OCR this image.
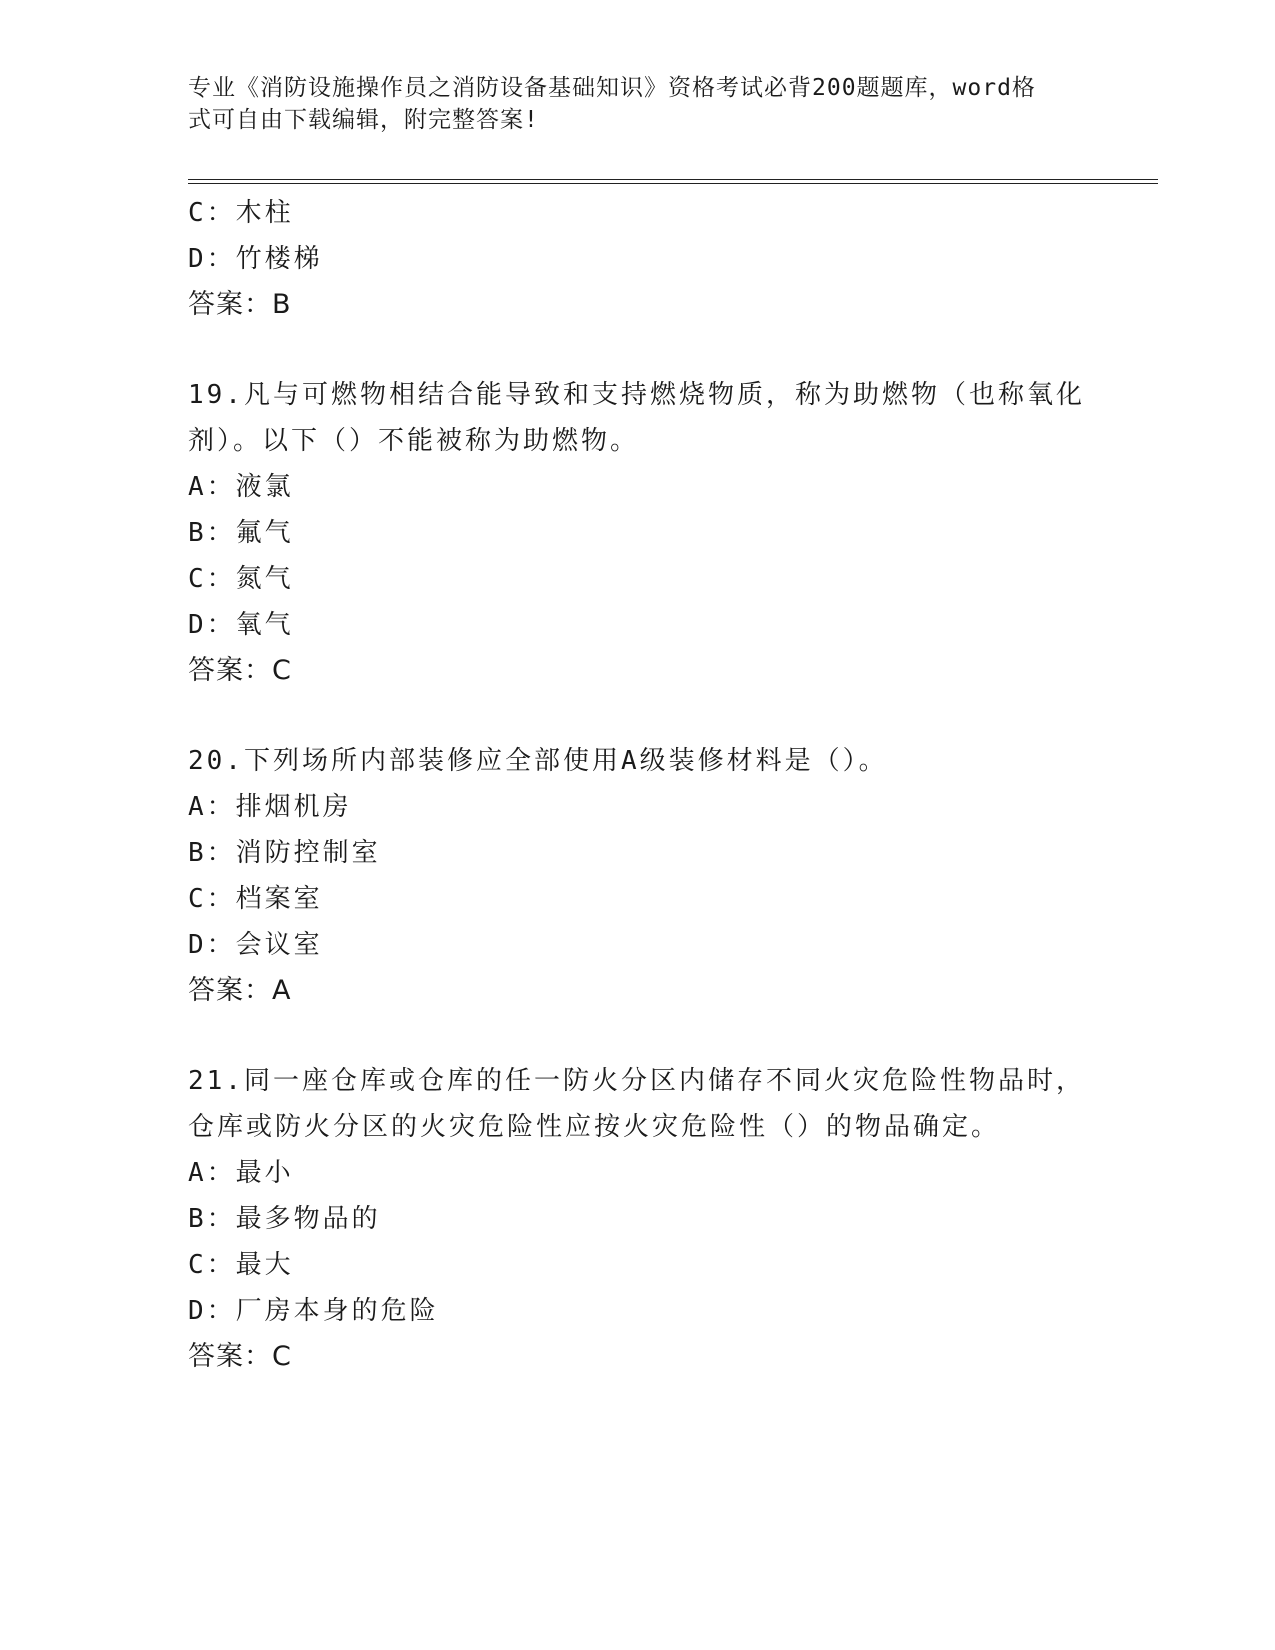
专业《消防设施操作员之消防设备基础知识》资格考试必背200题题库，word格
式可自由下载编辑，附完整答案!
C：木柱
D：竹楼梯
答案：B
19.凡与可燃物相结合能导致和支持燃烧物质，称为助燃物（也称氧化
剂）。以下（）不能被称为助燃物。
A：液氯
B：氟气
C：氮气
D：氧气
答案：C
20.下列场所内部装修应全部使用A级装修材料是（）。
A：排烟机房
B：消防控制室
C：档案室
D：会议室
答案：A
21.同一座仓库或仓库的任一防火分区内储存不同火灾危险性物品时，
仓库或防火分区的火灾危险性应按火灾危险性（）的物品确定。
A：最小
B：最多物品的
C：最大
D：厂房本身的危险
答案：C
